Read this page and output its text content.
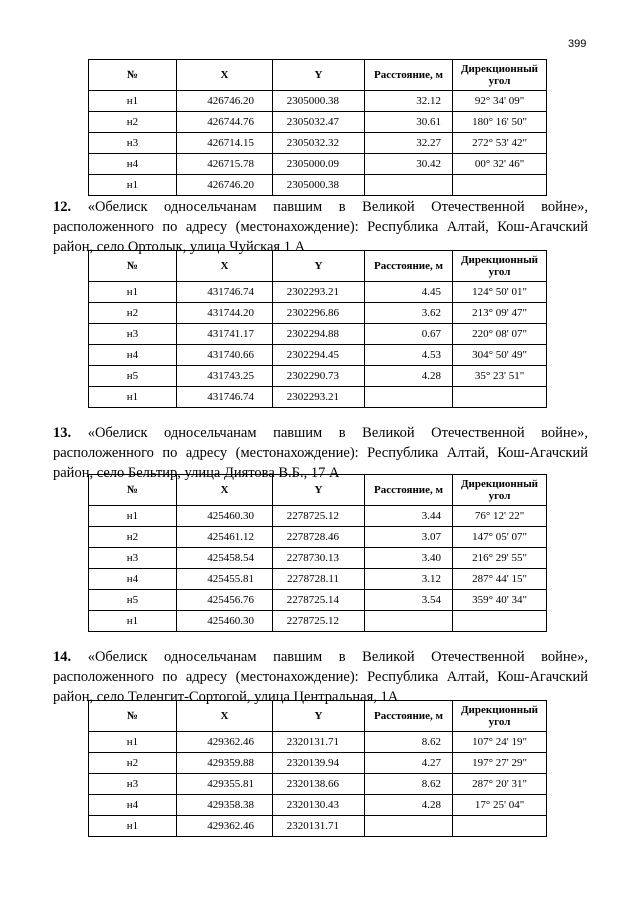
399
№	X	Y	Расстояние, м	Дирекционный угол
н1	426746.20	2305000.38	32.12	92° 34' 09"
н2	426744.76	2305032.47	30.61	180° 16' 50"
н3	426714.15	2305032.32	32.27	272° 53' 42"
н4	426715.78	2305000.09	30.42	00° 32' 46"
н1	426746.20	2305000.38		

12. «Обелиск односельчанам павшим в Великой Отечественной войне», расположенного по адресу (местонахождение): Республика Алтай, Кош-Агачский район, село Ортолык, улица Чуйская 1 А

№	X	Y	Расстояние, м	Дирекционный угол
н1	431746.74	2302293.21	4.45	124° 50' 01"
н2	431744.20	2302296.86	3.62	213° 09' 47"
н3	431741.17	2302294.88	0.67	220° 08' 07"
н4	431740.66	2302294.45	4.53	304° 50' 49"
н5	431743.25	2302290.73	4.28	35° 23' 51"
н1	431746.74	2302293.21		

13. «Обелиск односельчанам павшим в Великой Отечественной войне», расположенного по адресу (местонахождение): Республика Алтай, Кош-Агачский район, село Бельтир, улица Диятова В.Б., 17 А

№	X	Y	Расстояние, м	Дирекционный угол
н1	425460.30	2278725.12	3.44	76° 12' 22"
н2	425461.12	2278728.46	3.07	147° 05' 07"
н3	425458.54	2278730.13	3.40	216° 29' 55"
н4	425455.81	2278728.11	3.12	287° 44' 15"
н5	425456.76	2278725.14	3.54	359° 40' 34"
н1	425460.30	2278725.12		

14. «Обелиск односельчанам павшим в Великой Отечественной войне», расположенного по адресу (местонахождение): Республика Алтай, Кош-Агачский район, село Теленгит-Сортогой, улица Центральная, 1А

№	X	Y	Расстояние, м	Дирекционный угол
н1	429362.46	2320131.71	8.62	107° 24' 19"
н2	429359.88	2320139.94	4.27	197° 27' 29"
н3	429355.81	2320138.66	8.62	287° 20' 31"
н4	429358.38	2320130.43	4.28	17° 25' 04"
н1	429362.46	2320131.71		
